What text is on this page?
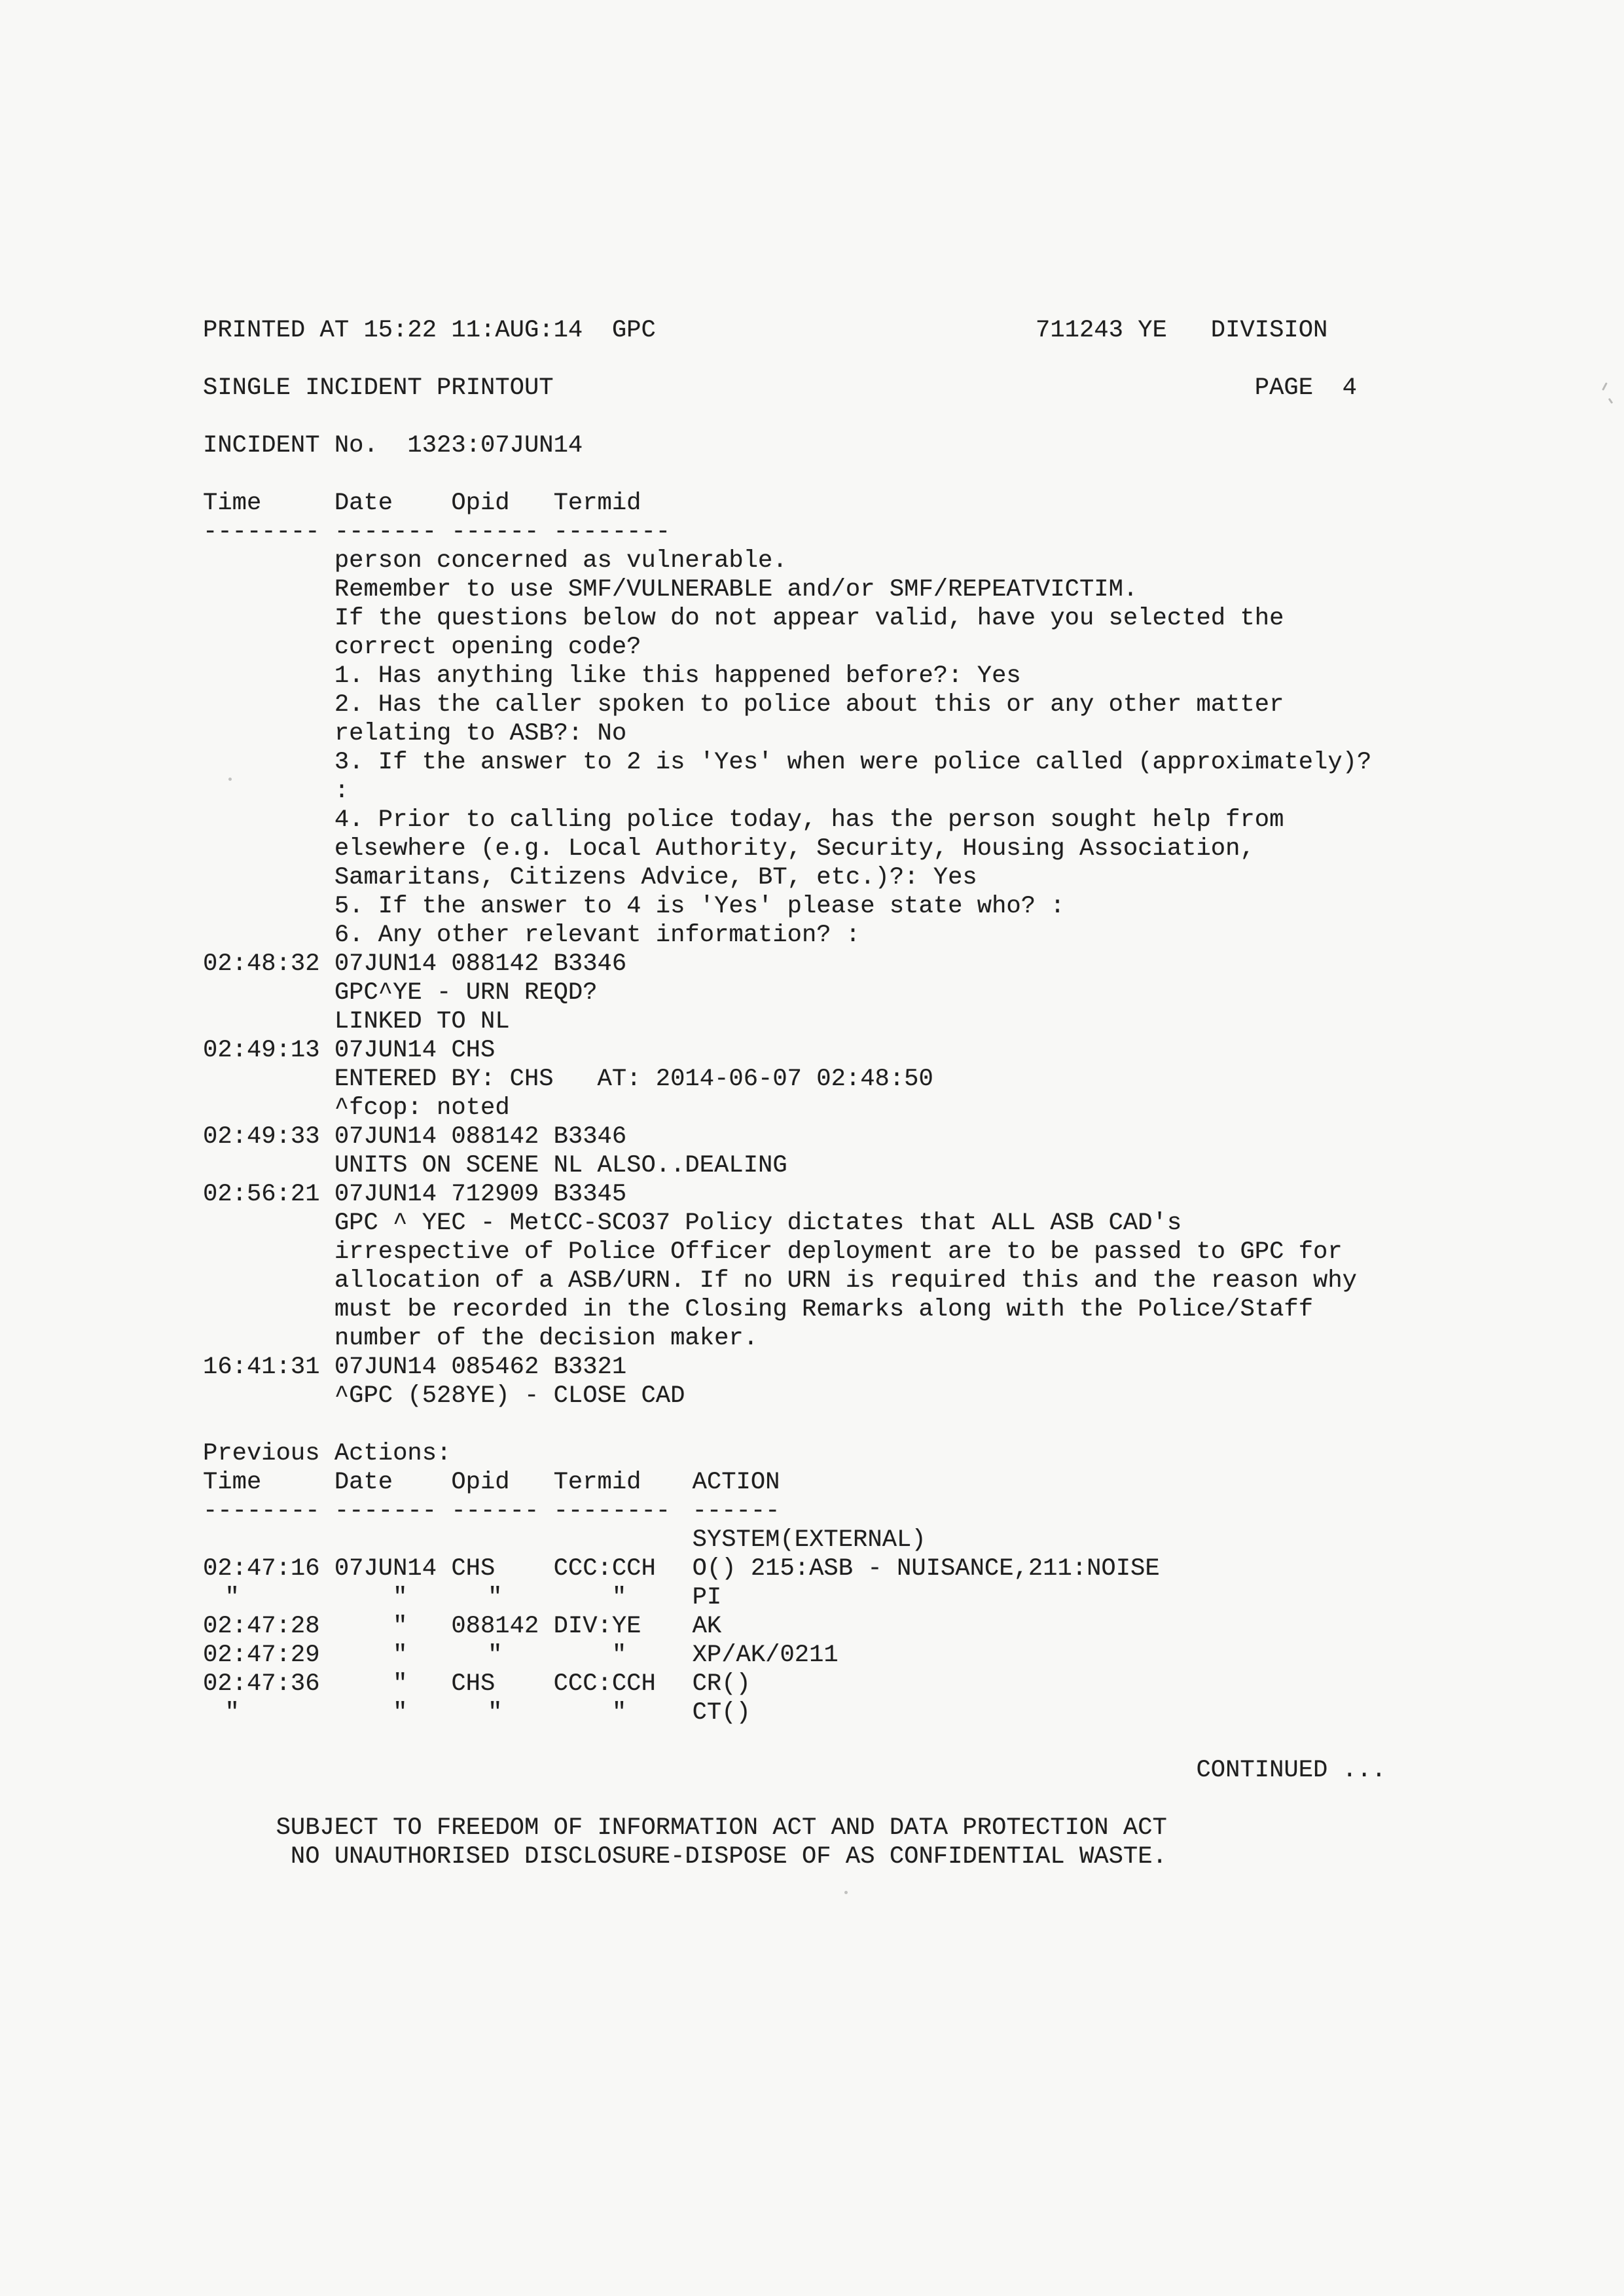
PRINTED AT 15:22 11:AUG:14  GPC	711243 YE   DIVISION
SINGLE INCIDENT PRINTOUT	PAGE  4
INCIDENT No.  1323:07JUN14
Time	Date Opid Termid
-------- ------- ------ --------
person concerned as vulnerable.
Remember to use SMF/VULNERABLE and/or SMF/REPEATVICTIM.
If the questions below do not appear valid, have you selected the
correct opening code?
1. Has anything like this happened before?: Yes
2. Has the caller spoken to police about this or any other matter
relating to ASB?: No
3. If the answer to 2 is 'Yes' when were police called (approximately)?
:
4. Prior to calling police today, has the person sought help from
elsewhere (e.g. Local Authority, Security, Housing Association,
Samaritans, Citizens Advice, BT, etc.)?: Yes
5. If the answer to 4 is 'Yes' please state who? :
6. Any other relevant information? :
02:48:32 07JUN14 088142 B3346
GPC^YE - URN REQD?
LINKED TO NL
02:49:13 07JUN14 CHS
ENTERED BY: CHS   AT: 2014-06-07 02:48:50
^fcop: noted
02:49:33 07JUN14 088142 B3346
UNITS ON SCENE NL ALSO..DEALING
02:56:21 07JUN14 712909 B3345
GPC ^ YEC - MetCC-SCO37 Policy dictates that ALL ASB CAD's
irrespective of Police Officer deployment are to be passed to GPC for
allocation of a ASB/URN. If no URN is required this and the reason why
must be recorded in the Closing Remarks along with the Police/Staff
number of the decision maker.
16:41:31 07JUN14 085462 B3321
^GPC (528YE) - CLOSE CAD
Previous Actions:
Time	Date Opid Termid ACTION
-------- ------- ------ -------- ------
SYSTEM(EXTERNAL)
02:47:16 07JUN14 CHS CCC:CCH O() 215:ASB - NUISANCE,211:NOISE
"	"	"	"	PI
02:47:28	" 088142 DIV:YE AK
02:47:29	"	"	"	XP/AK/0211
02:47:36	" CHS CCC:CCH CR()
"	"	"	"	CT()
CONTINUED ...
SUBJECT TO FREEDOM OF INFORMATION ACT AND DATA PROTECTION ACT
NO UNAUTHORISED DISCLOSURE-DISPOSE OF AS CONFIDENTIAL WASTE.
